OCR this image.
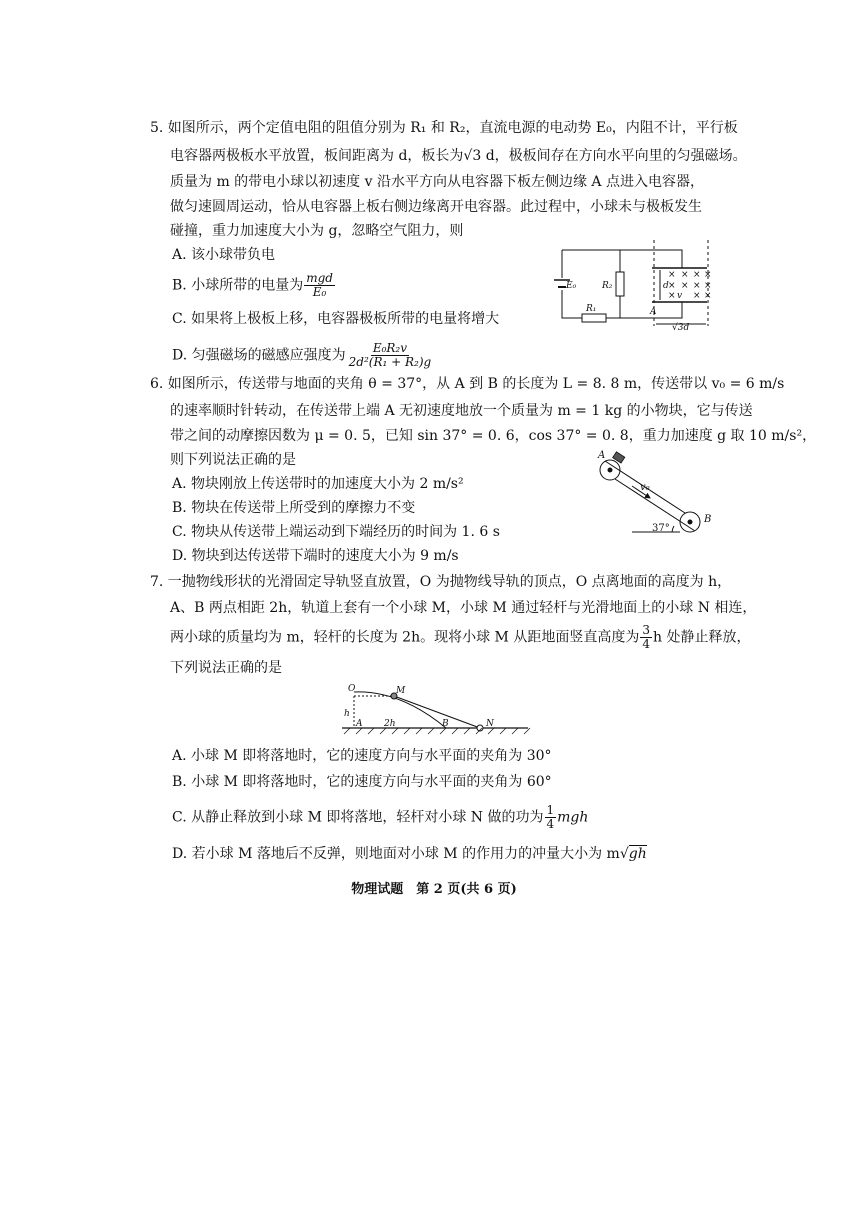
5. 如图所示，两个定值电阻的阻值分别为 R₁ 和 R₂，直流电源的电动势 E₀，内阻不计，平行板
电容器两极板水平放置，板间距离为 d，板长为√3 d，极板间存在方向水平向里的匀强磁场。
质量为 m 的带电小球以初速度 v 沿水平方向从电容器下板左侧边缘 A 点进入电容器，
做匀速圆周运动，恰从电容器上板右侧边缘离开电容器。此过程中，小球未与极板发生
碰撞，重力加速度大小为 g，忽略空气阻力，则
A. 该小球带负电
B. 小球所带的电量为 $\frac{\text{mgd}}{\text{E₀}}$
C. 如果将上极板上移，电容器极板所带的电量将增大
D. 匀强磁场的磁感应强度为 $\frac{\text{E₀R₂v}}{\text{2d²(R₁ + R₂)g}}$
× × × ×
× × × ×
× × ×
E₀	R₂
R₁
d
v
A
√3d
6. 如图所示，传送带与地面的夹角 θ = 37°，从 A 到 B 的长度为 L = 8. 8 m，传送带以 v₀ = 6 m/s
的速率顺时针转动，在传送带上端 A 无初速度地放一个质量为 m = 1 kg 的小物块，它与传送
带之间的动摩擦因数为 μ = 0. 5，已知 sin 37° = 0. 6，cos 37° = 0. 8，重力加速度 g 取 10 m/s²，
则下列说法正确的是
A. 物块刚放上传送带时的加速度大小为 2 m/s²
B. 物块在传送带上所受到的摩擦力不变
C. 物块从传送带上端运动到下端经历的时间为 1. 6 s
D. 物块到达传送带下端时的速度大小为 9 m/s
A
B
v₀
37°
7. 一抛物线形状的光滑固定导轨竖直放置，O 为抛物线导轨的顶点，O 点离地面的高度为 h，
A、B 两点相距 2h，轨道上套有一个小球 M，小球 M 通过轻杆与光滑地面上的小球 N 相连，
两小球的质量均为 m，轻杆的长度为 2h。现将小球 M 从距地面竖直高度为 $\frac{3}{4}$ h 处静止释放，
下列说法正确的是
O	M
h
A 2h	B	N
A. 小球 M 即将落地时，它的速度方向与水平面的夹角为 30°
B. 小球 M 即将落地时，它的速度方向与水平面的夹角为 60°
C. 从静止释放到小球 M 即将落地，轻杆对小球 N 做的功为 $\frac{1}{4}$ mgh
D. 若小球 M 落地后不反弹，则地面对小球 M 的作用力的冲量大小为 m√gh
物理试题　第 2 页(共 6 页)
